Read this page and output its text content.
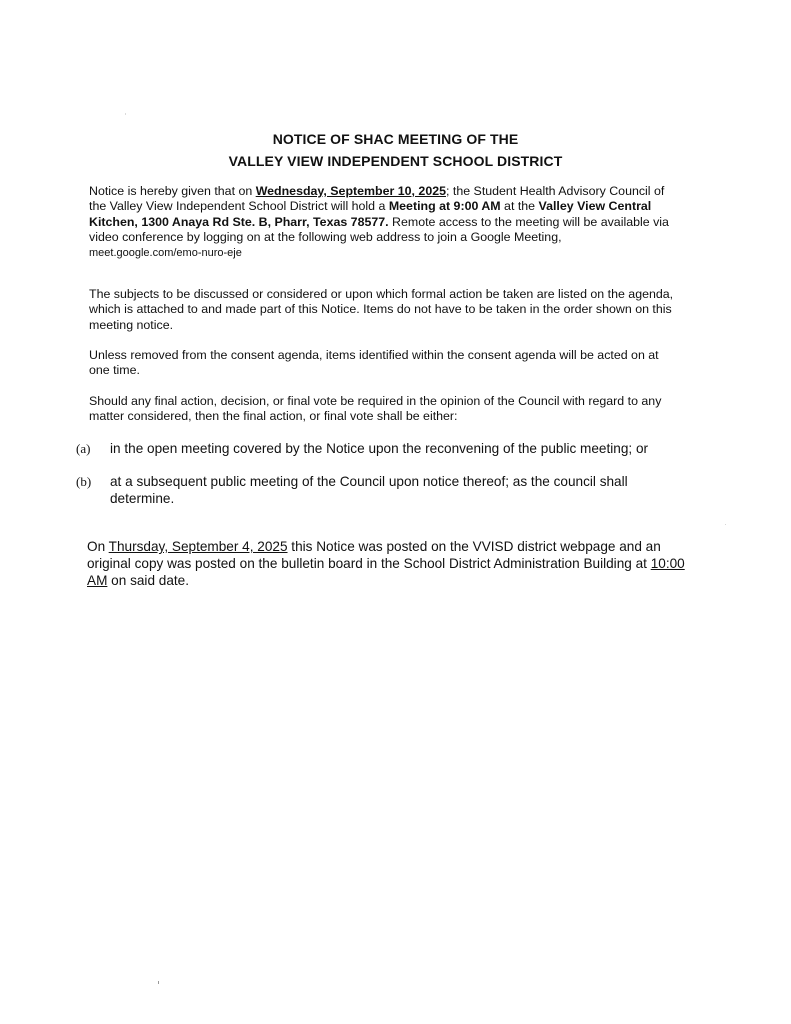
NOTICE OF SHAC MEETING OF THE
VALLEY VIEW INDEPENDENT SCHOOL DISTRICT
Notice is hereby given that on Wednesday, September 10, 2025; the Student Health Advisory Council of the Valley View Independent School District will hold a Meeting at 9:00 AM at the Valley View Central Kitchen, 1300 Anaya Rd Ste. B, Pharr, Texas 78577. Remote access to the meeting will be available via video conference by logging on at the following web address to join a Google Meeting,
meet.google.com/emo-nuro-eje
The subjects to be discussed or considered or upon which formal action be taken are listed on the agenda, which is attached to and made part of this Notice. Items do not have to be taken in the order shown on this meeting notice.
Unless removed from the consent agenda, items identified within the consent agenda will be acted on at one time.
Should any final action, decision, or final vote be required in the opinion of the Council with regard to any matter considered, then the final action, or final vote shall be either:
(a) in the open meeting covered by the Notice upon the reconvening of the public meeting; or
(b) at a subsequent public meeting of the Council upon notice thereof; as the council shall determine.
On Thursday, September 4, 2025 this Notice was posted on the VVISD district webpage and an original copy was posted on the bulletin board in the School District Administration Building at 10:00 AM on said date.
